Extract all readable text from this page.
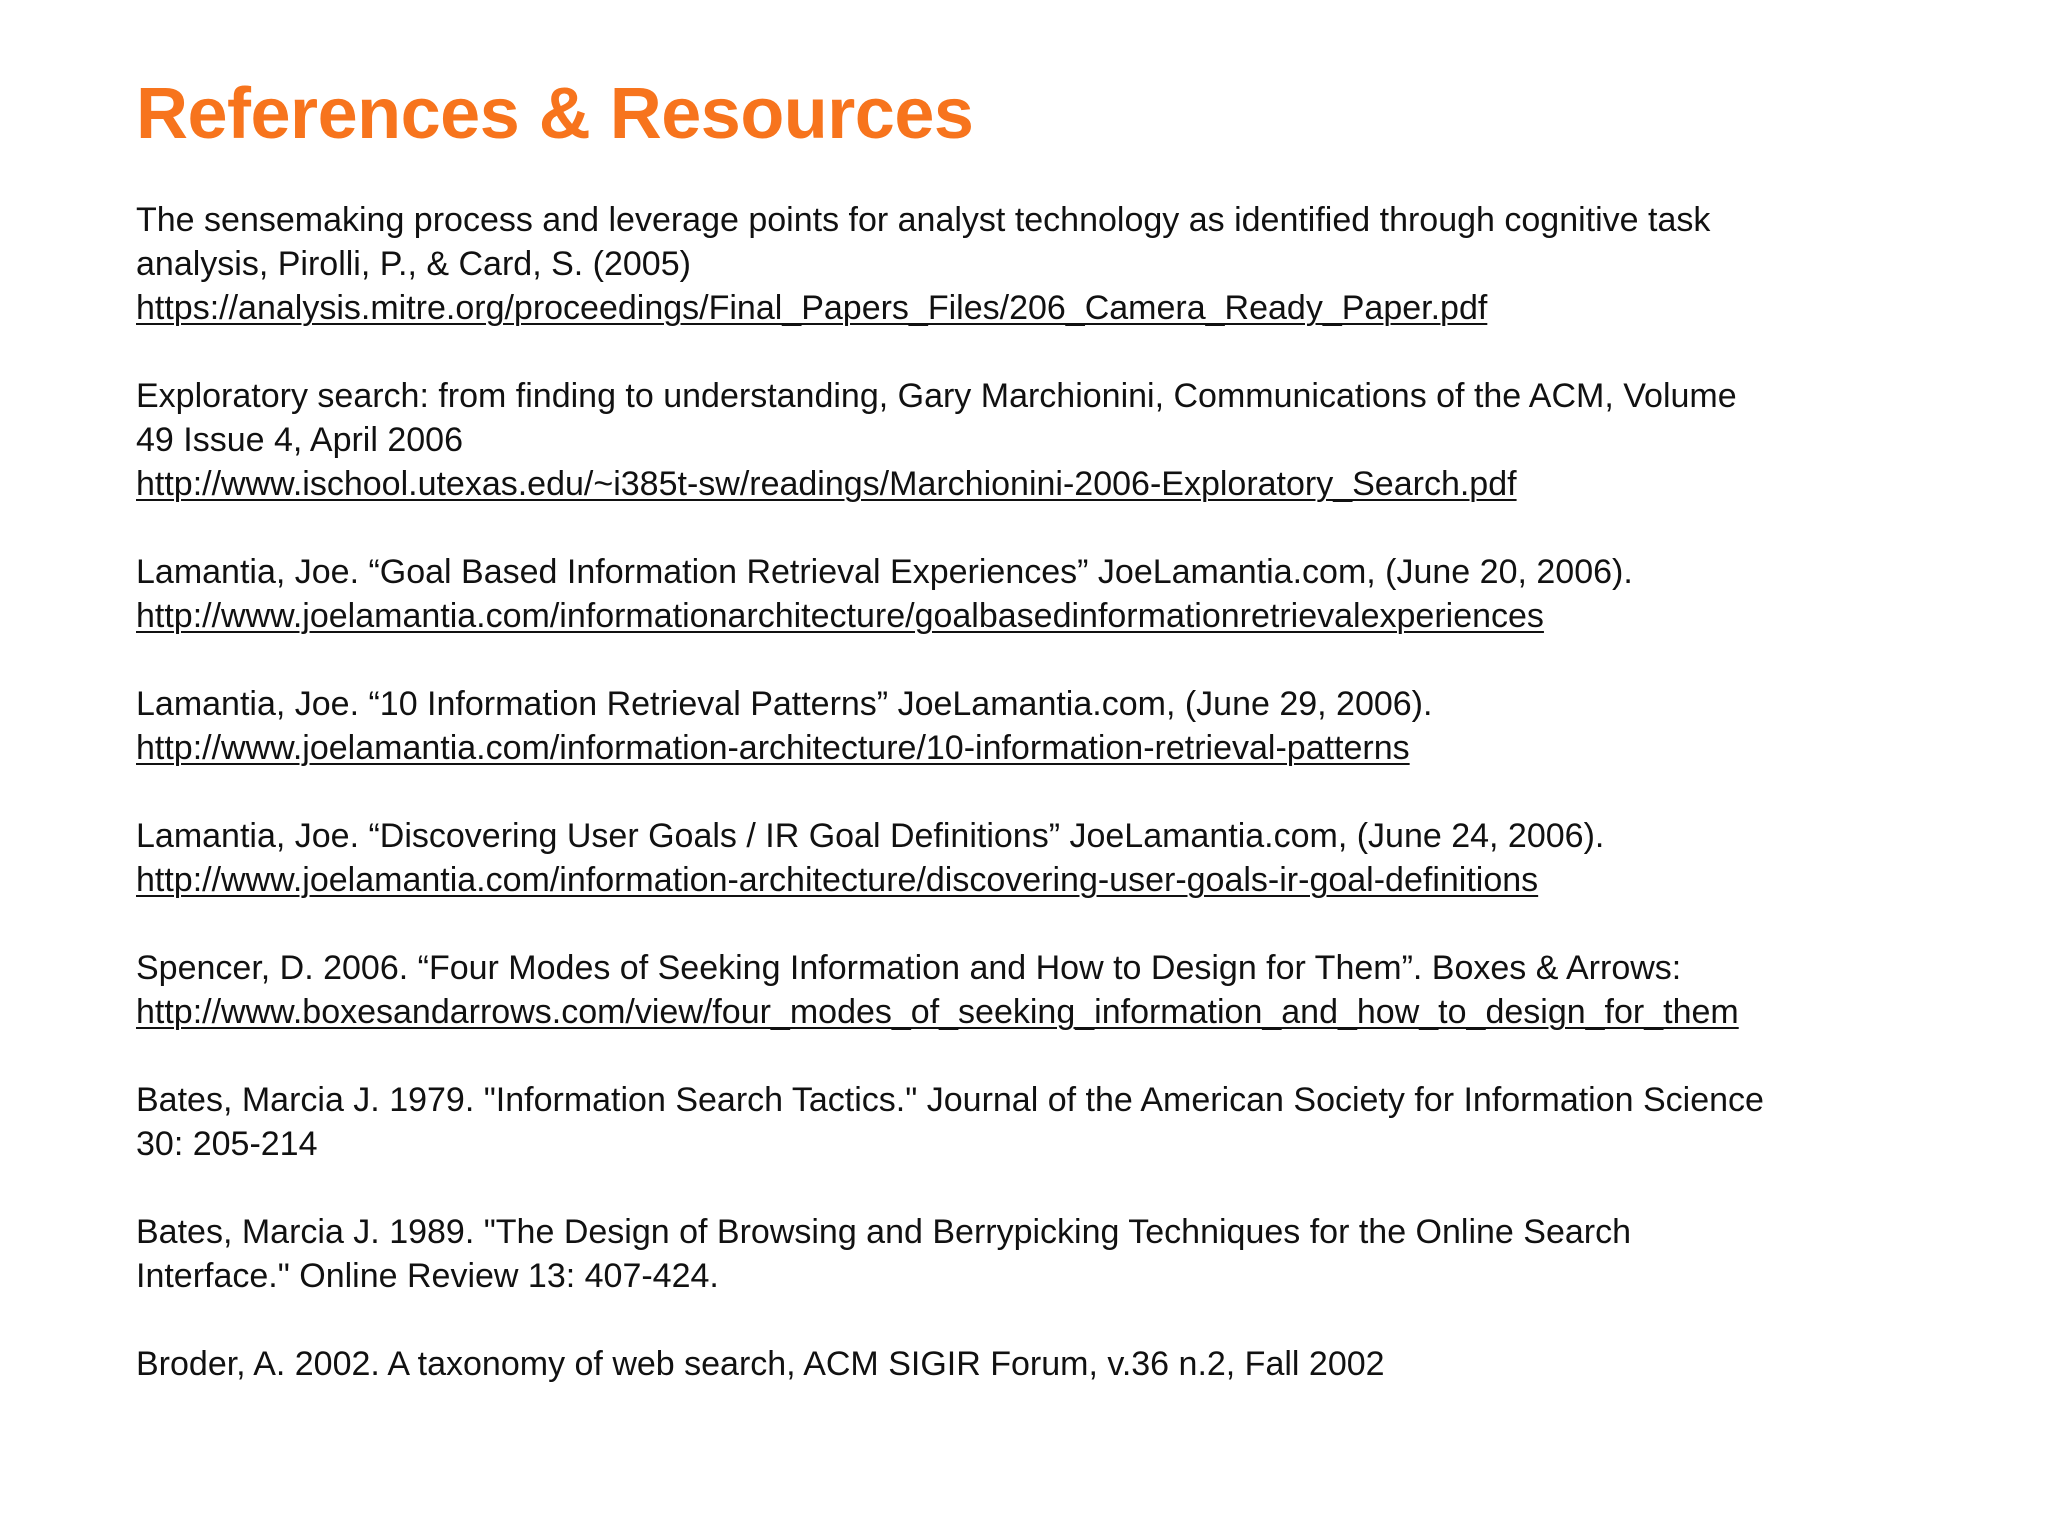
References & Resources
The sensemaking process and leverage points for analyst technology as identified through cognitive task
analysis, Pirolli, P., & Card, S. (2005)
https://analysis.mitre.org/proceedings/Final_Papers_Files/206_Camera_Ready_Paper.pdf
Exploratory search: from finding to understanding, Gary Marchionini, Communications of the ACM, Volume
49 Issue 4, April 2006
http://www.ischool.utexas.edu/~i385t-sw/readings/Marchionini-2006-Exploratory_Search.pdf
Lamantia, Joe. “Goal Based Information Retrieval Experiences” JoeLamantia.com, (June 20, 2006).
http://www.joelamantia.com/informationarchitecture/goalbasedinformationretrievalexperiences
Lamantia, Joe. “10 Information Retrieval Patterns” JoeLamantia.com, (June 29, 2006).
http://www.joelamantia.com/information-architecture/10-information-retrieval-patterns
Lamantia, Joe. “Discovering User Goals / IR Goal Definitions” JoeLamantia.com, (June 24, 2006).
http://www.joelamantia.com/information-architecture/discovering-user-goals-ir-goal-definitions
Spencer, D. 2006. “Four Modes of Seeking Information and How to Design for Them”. Boxes & Arrows:
http://www.boxesandarrows.com/view/four_modes_of_seeking_information_and_how_to_design_for_them
Bates, Marcia J. 1979. "Information Search Tactics." Journal of the American Society for Information Science
30: 205-214
Bates, Marcia J. 1989. "The Design of Browsing and Berrypicking Techniques for the Online Search
Interface." Online Review 13: 407-424.
Broder, A. 2002. A taxonomy of web search, ACM SIGIR Forum, v.36 n.2, Fall 2002
